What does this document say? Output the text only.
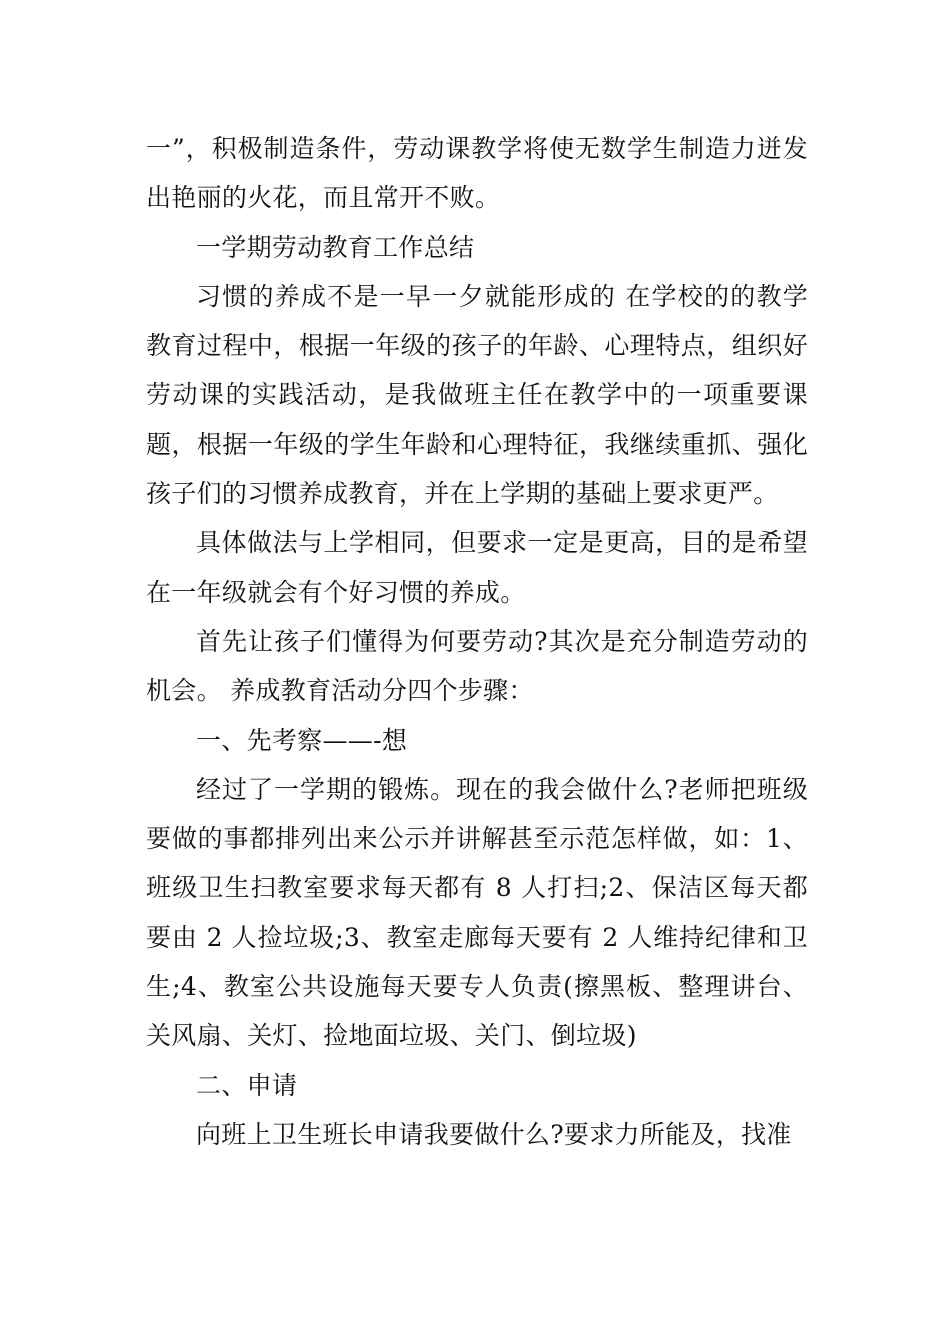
一”，积极制造条件，劳动课教学将使无数学生制造力迸发出艳丽的火花，而且常开不败。

一学期劳动教育工作总结

习惯的养成不是一早一夕就能形成的 在学校的的教学教育过程中，根据一年级的孩子的年龄、心理特点，组织好劳动课的实践活动，是我做班主任在教学中的一项重要课题，根据一年级的学生年龄和心理特征，我继续重抓、强化孩子们的习惯养成教育，并在上学期的基础上要求更严。

具体做法与上学相同，但要求一定是更高，目的是希望在一年级就会有个好习惯的养成。

首先让孩子们懂得为何要劳动?其次是充分制造劳动的机会。 养成教育活动分四个步骤：

一、先考察——-想

经过了一学期的锻炼。现在的我会做什么?老师把班级要做的事都排列出来公示并讲解甚至示范怎样做，如：1、班级卫生扫教室要求每天都有 8 人打扫;2、保洁区每天都要由 2 人捡垃圾;3、教室走廊每天要有 2 人维持纪律和卫生;4、教室公共设施每天要专人负责(擦黑板、整理讲台、关风扇、关灯、捡地面垃圾、关门、倒垃圾)

二、申请

向班上卫生班长申请我要做什么?要求力所能及，找准
